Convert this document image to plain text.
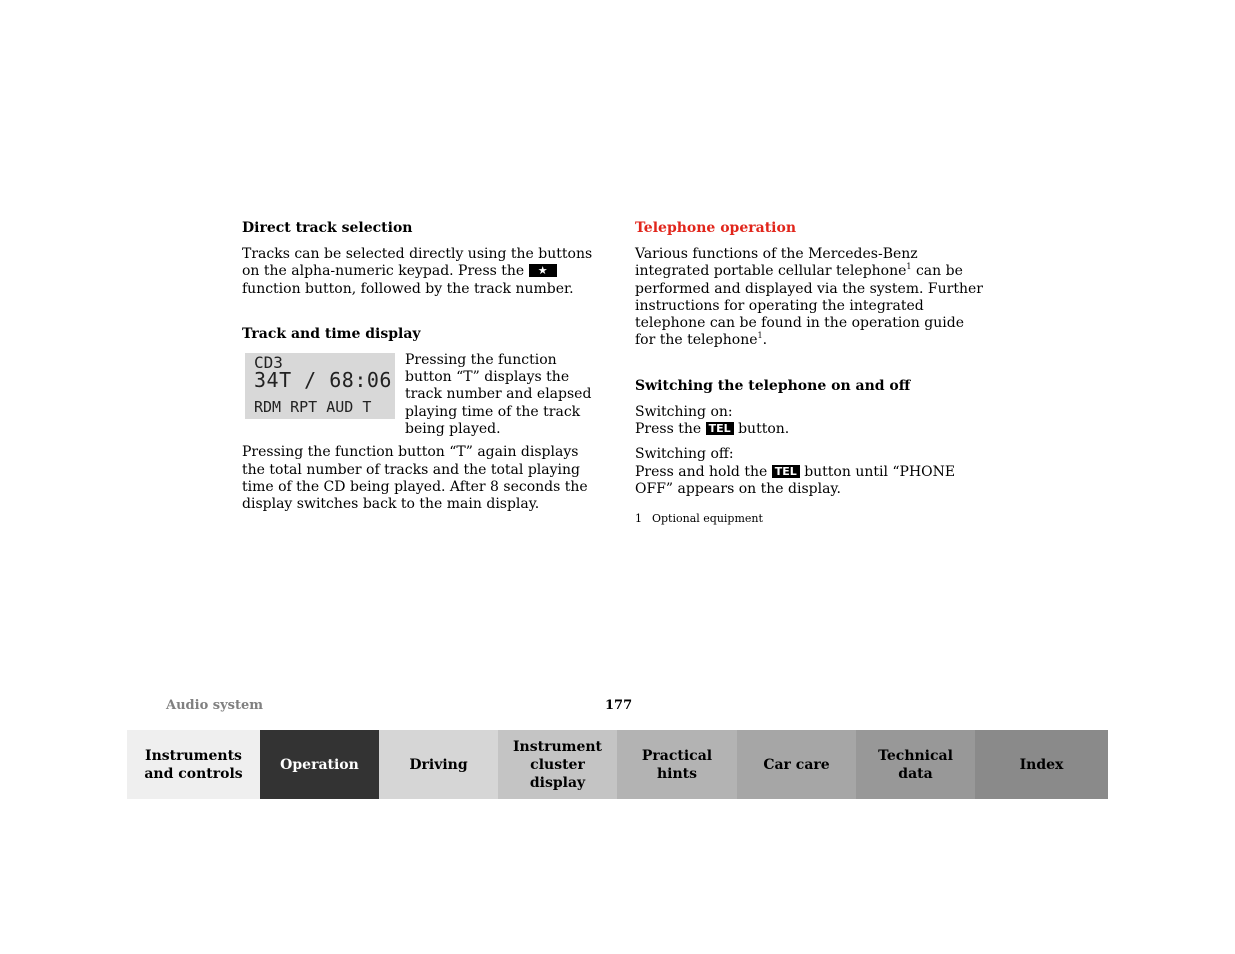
Direct track selection

Tracks can be selected directly using the buttons on the alpha-numeric keypad. Press the ★ function button, followed by the track number.

Track and time display
CD3
34T / 68:06
RDM RPT AUD T

Pressing the function button “T” displays the track number and elapsed playing time of the track being played.

Pressing the function button “T” again displays the total number of tracks and the total playing time of the CD being played. After 8 seconds the display switches back to the main display.

Telephone operation

Various functions of the Mercedes-Benz integrated portable cellular telephone$^1$ can be performed and displayed via the system. Further instructions for operating the integrated telephone can be found in the operation guide for the telephone$^1$.

Switching the telephone on and off

Switching on:

Press the TEL button.

Switching off:

Press and hold the TEL button until “PHONE OFF” appears on the display.

1 Optional equipment

Audio system	177
Instruments
and controls
Operation	Driving
Instrument
cluster display
Practical hints
Car care
Technical
data
Index
